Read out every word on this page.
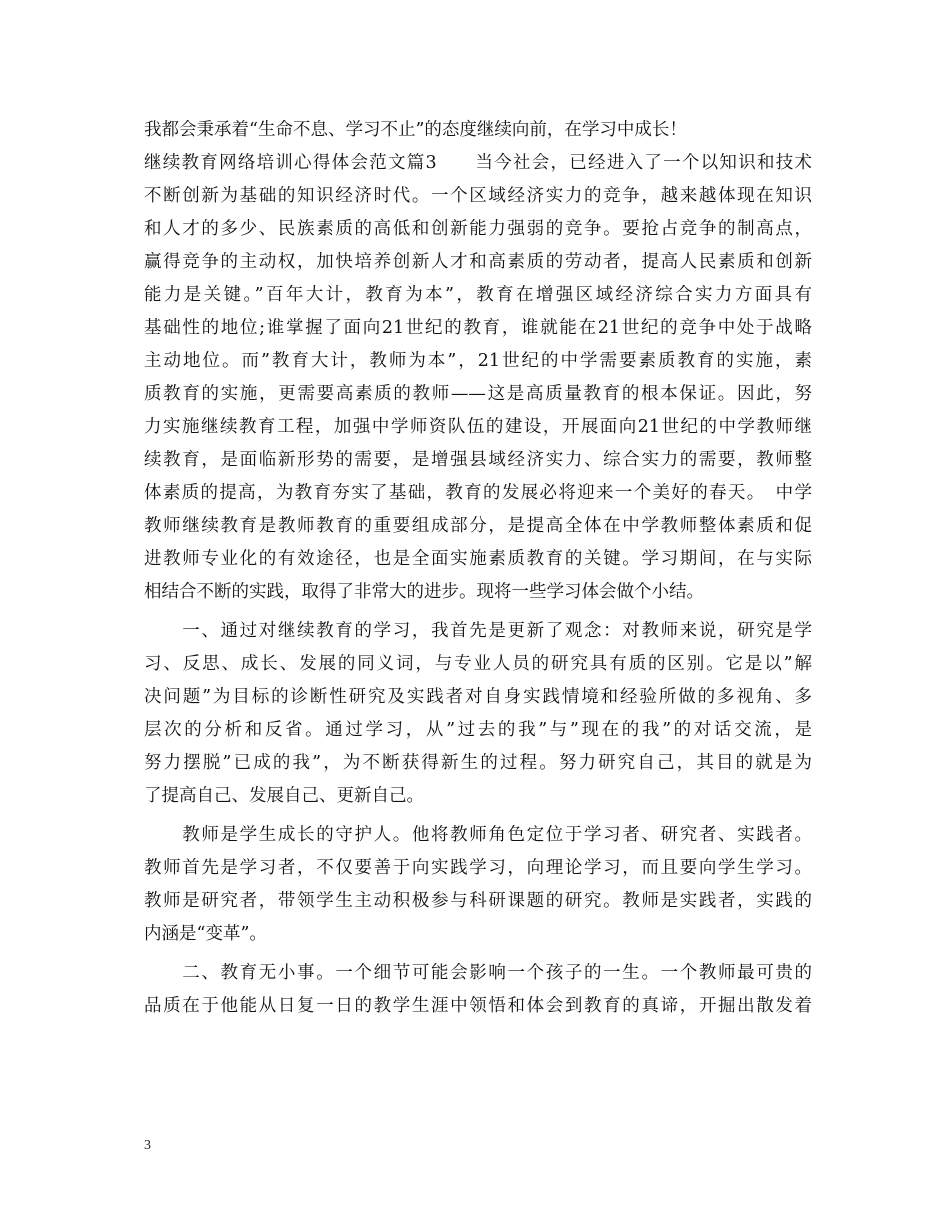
我都会秉承着“生命不息、学习不止”的态度继续向前，在学习中成长！
继续教育网络培训心得体会范文篇3　　当今社会，已经进入了一个以知识和技术
不断创新为基础的知识经济时代。一个区域经济实力的竞争，越来越体现在知识
和人才的多少、民族素质的高低和创新能力强弱的竞争。要抢占竞争的制高点，
赢得竞争的主动权，加快培养创新人才和高素质的劳动者，提高人民素质和创新
能力是关键。”百年大计，教育为本”，教育在增强区域经济综合实力方面具有
基础性的地位;谁掌握了面向21世纪的教育，谁就能在21世纪的竞争中处于战略
主动地位。而”教育大计，教师为本”，21世纪的中学需要素质教育的实施，素
质教育的实施，更需要高素质的教师——这是高质量教育的根本保证。因此，努
力实施继续教育工程，加强中学师资队伍的建设，开展面向21世纪的中学教师继
续教育，是面临新形势的需要，是增强县域经济实力、综合实力的需要，教师整
体素质的提高，为教育夯实了基础，教育的发展必将迎来一个美好的春天。　中学
教师继续教育是教师教育的重要组成部分，是提高全体在中学教师整体素质和促
进教师专业化的有效途径，也是全面实施素质教育的关键。学习期间，在与实际
相结合不断的实践，取得了非常大的进步。现将一些学习体会做个小结。
　　一、通过对继续教育的学习，我首先是更新了观念：对教师来说，研究是学
习、反思、成长、发展的同义词，与专业人员的研究具有质的区别。它是以”解
决问题”为目标的诊断性研究及实践者对自身实践情境和经验所做的多视角、多
层次的分析和反省。通过学习，从”过去的我”与”现在的我”的对话交流，是
努力摆脱”已成的我”，为不断获得新生的过程。努力研究自己，其目的就是为
了提高自己、发展自己、更新自己。
　　教师是学生成长的守护人。他将教师角色定位于学习者、研究者、实践者。
教师首先是学习者，不仅要善于向实践学习，向理论学习，而且要向学生学习。
教师是研究者，带领学生主动积极参与科研课题的研究。教师是实践者，实践的
内涵是“变革”。
　　二、教育无小事。一个细节可能会影响一个孩子的一生。一个教师最可贵的
品质在于他能从日复一日的教学生涯中领悟和体会到教育的真谛，开掘出散发着
3
